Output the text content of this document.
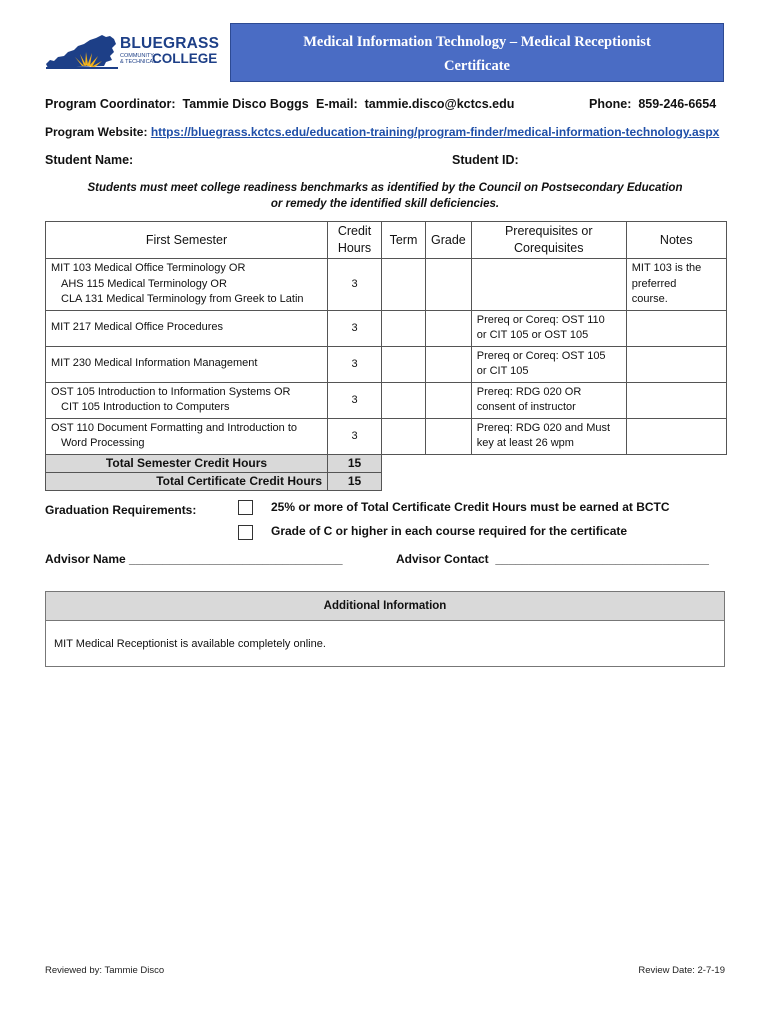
BLUEGRASS
COMMUNITY
& TECHNICAL
COLLEGE
Medical Information Technology – Medical Receptionist
Certificate
Program Coordinator: Tammie Disco Boggs E-mail: tammie.disco@kctcs.edu	Phone: 859-246-6654
Program Website: https://bluegrass.kctcs.edu/education-training/program-finder/medical-information-technology.aspx
Student Name:	Student ID:
Students must meet college readiness benchmarks as identified by the Council on Postsecondary Education
or remedy the identified skill deficiencies.
First Semester	Credit
Hours	Term	Grade	Prerequisites or
Corequisites	Notes
MIT 103 Medical Office Terminology OR
AHS 115 Medical Terminology OR
CLA 131 Medical Terminology from Greek to Latin	3				MIT 103 is the
preferred
course.
MIT 217 Medical Office Procedures	3			Prereq or Coreq: OST 110
or CIT 105 or OST 105	
MIT 230 Medical Information Management	3			Prereq or Coreq: OST 105
or CIT 105	
OST 105 Introduction to Information Systems OR
CIT 105 Introduction to Computers	3			Prereq: RDG 020 OR
consent of instructor	
OST 110 Document Formatting and Introduction to
Word Processing	3			Prereq: RDG 020 and Must
key at least 26 wpm	
Total Semester Credit Hours	15				
Total Certificate Credit Hours	15				
Graduation Requirements:	25% or more of Total Certificate Credit Hours must be earned at BCTC
Grade of C or higher in each course required for the certificate
Advisor Name ________________________________	Advisor Contact ________________________________
Additional Information
MIT Medical Receptionist is available completely online.
Reviewed by: Tammie Disco	Review Date: 2-7-19
